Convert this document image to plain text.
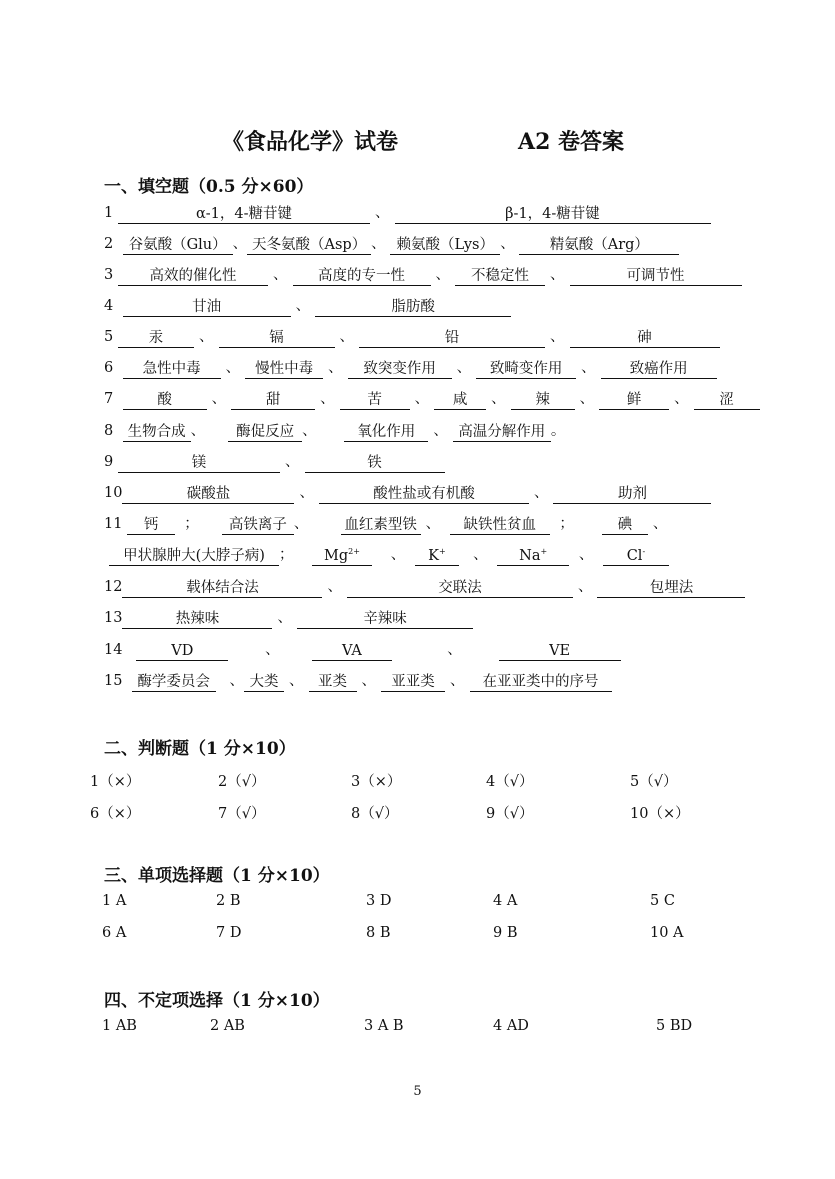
《食品化学》试卷	A2 卷答案
一、填空题（0.5 分×60）
1	α-1，4-糖苷键	、	β-1，4-糖苷键
2 谷氨酸（Glu） 、 天冬氨酸（Asp） 、 赖氨酸（Lys） 、 精氨酸（Arg）
3	高效的催化性	、 高度的专一性 、 不稳定性 、	可调节性
4	甘油	、	脂肪酸
5 汞 、	镉	、	铅	、	砷
6 急性中毒 、 慢性中毒 、 致突变作用 、 致畸变作用 、 致癌作用
7	酸	、	甜	、 苦 、 咸 、 辣 、 鲜 、 涩
8 生物合成 、 酶促反应 、	氧化作用 、 高温分解作用 。
9	镁	、	铁
10	碳酸盐	、	酸性盐或有机酸	、	助剂
11 钙 ； 高铁离子 、 血红素型铁 、 缺铁性贫血 ；	碘 、
甲状腺肿大(大脖子病) ； $Mg^{2+}$ 、 K+ 、 Na+ 、 Cl-
12	载体结合法	、	交联法	、	包埋法
13	热辣味	、	辛辣味
14	VD	、	VA	、	VE
15 酶学委员会 、 大类 、 亚类 、 亚亚类 、 在亚亚类中的序号
二、判断题（1 分×10）
1（×）	2（√）	3（×）	4（√）	5（√）
6（×）	7（√）	8（√）	9（√）	10（×）
三、单项选择题（1 分×10）
1 A	2 B	3 D	4 A	5 C
6 A	7 D	8 B	9 B	10 A
四、不定项选择（1 分×10）
1 AB	2 AB	3 A B	4 AD	5 BD
5
